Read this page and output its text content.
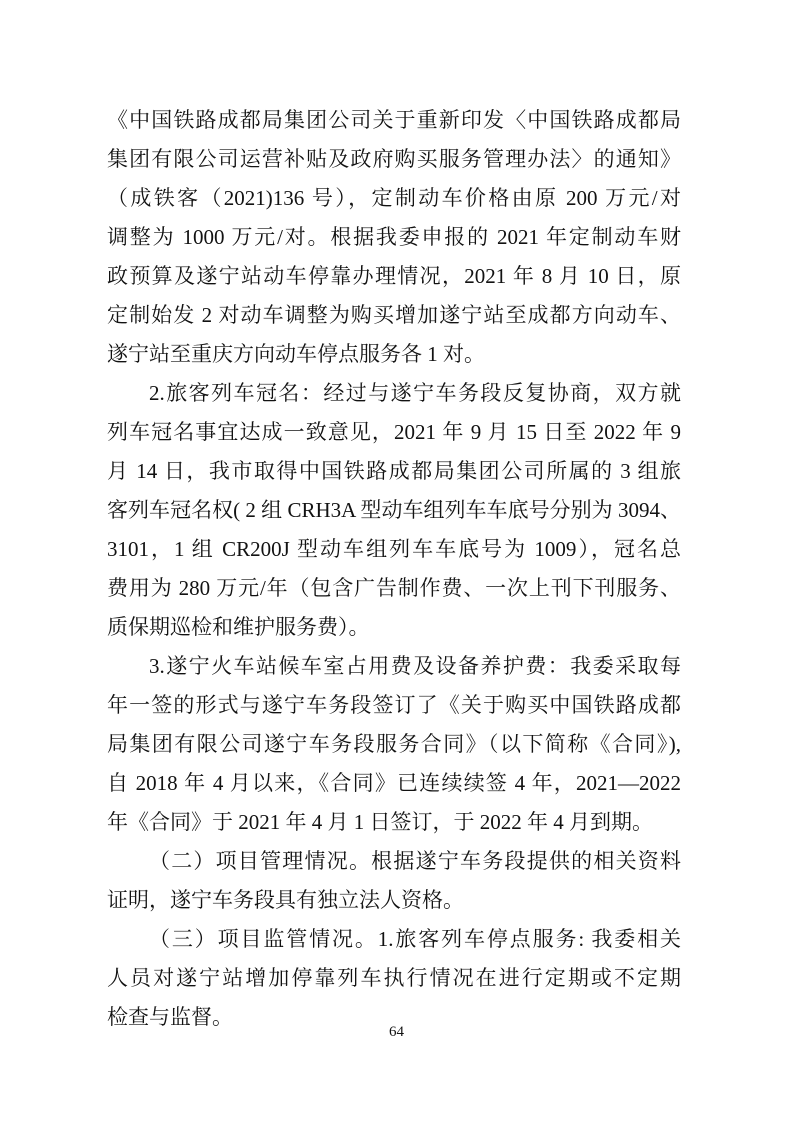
《中国铁路成都局集团公司关于重新印发〈中国铁路成都局
集团有限公司运营补贴及政府购买服务管理办法〉的通知》
（成铁客（2021)136 号），定制动车价格由原 200 万元/对
调整为 1000 万元/对。根据我委申报的 2021 年定制动车财
政预算及遂宁站动车停靠办理情况，2021 年 8 月 10 日，原
定制始发 2 对动车调整为购买增加遂宁站至成都方向动车、
遂宁站至重庆方向动车停点服务各 1 对。
2.旅客列车冠名：经过与遂宁车务段反复协商，双方就
列车冠名事宜达成一致意见，2021 年 9 月 15 日至 2022 年 9
月 14 日，我市取得中国铁路成都局集团公司所属的 3 组旅
客列车冠名权( 2 组 CRH3A 型动车组列车车底号分别为 3094、
3101，1 组 CR200J 型动车组列车车底号为 1009），冠名总
费用为 280 万元/年（包含广告制作费、一次上刊下刊服务、
质保期巡检和维护服务费）。
3.遂宁火车站候车室占用费及设备养护费：我委采取每
年一签的形式与遂宁车务段签订了《关于购买中国铁路成都
局集团有限公司遂宁车务段服务合同》（以下简称《合同》),
自 2018 年 4 月以来，《合同》已连续续签 4 年，2021—2022
年《合同》于 2021 年 4 月 1 日签订，于 2022 年 4 月到期。
（二）项目管理情况。根据遂宁车务段提供的相关资料
证明，遂宁车务段具有独立法人资格。
（三）项目监管情况。1.旅客列车停点服务: 我委相关
人员对遂宁站增加停靠列车执行情况在进行定期或不定期
检查与监督。
64
